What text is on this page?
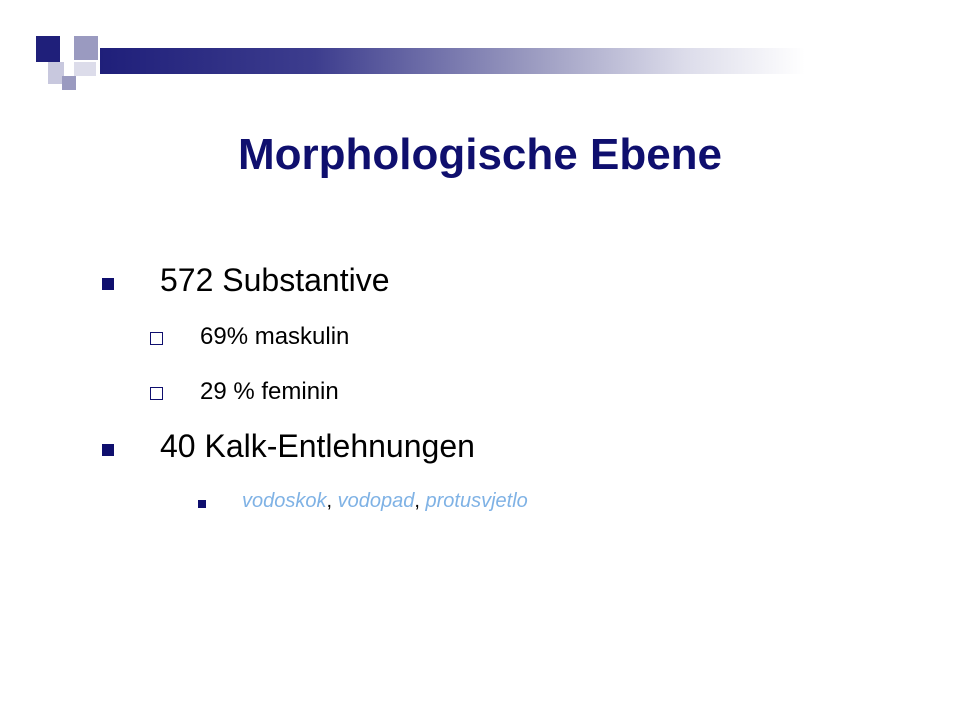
Morphologische Ebene
572 Substantive
69% maskulin
29 % feminin
40 Kalk-Entlehnungen
vodoskok, vodopad, protusvjetlo
